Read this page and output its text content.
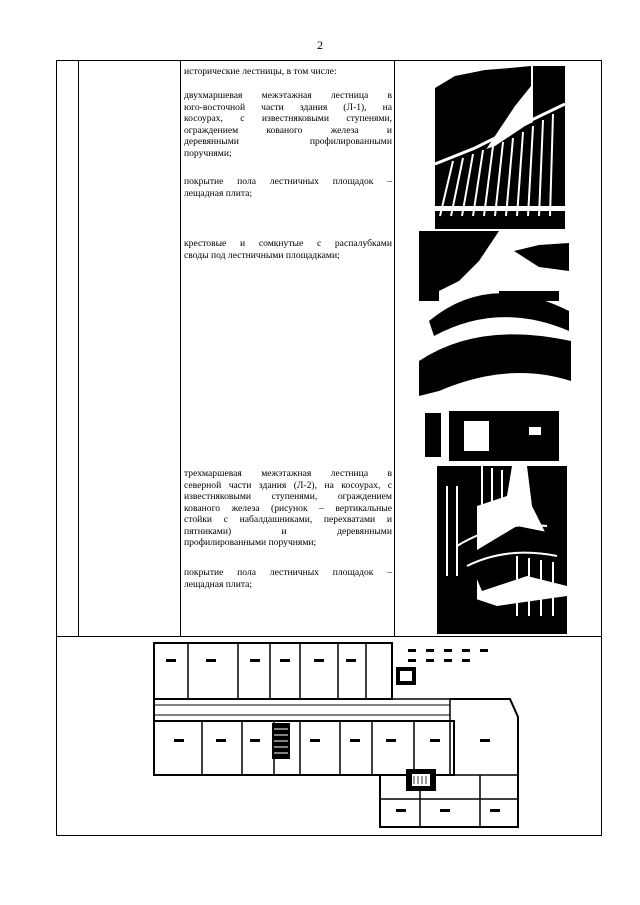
2

исторические лестницы, в том числе:

двухмаршевая межэтажная лестница в

юго-восточной части здания (Л-1), на

косоурах, с известняковыми ступенями,

ограждением кованого железа и

деревянными профилированными

поручнями;

покрытие пола лестничных площадок –

лещадная плита;

крестовые и сомкнутые с распалубками

своды под лестничными площадками;

трехмаршевая межэтажная лестница в

северной части здания (Л-2), на косоурах, с

известняковыми ступенями, ограждением

кованого железа (рисунок – вертикальные

стойки с набалдашниками, перехватами и

пятниками) и деревянными

профилированными поручнями;

покрытие пола лестничных площадок –

лещадная плита;
